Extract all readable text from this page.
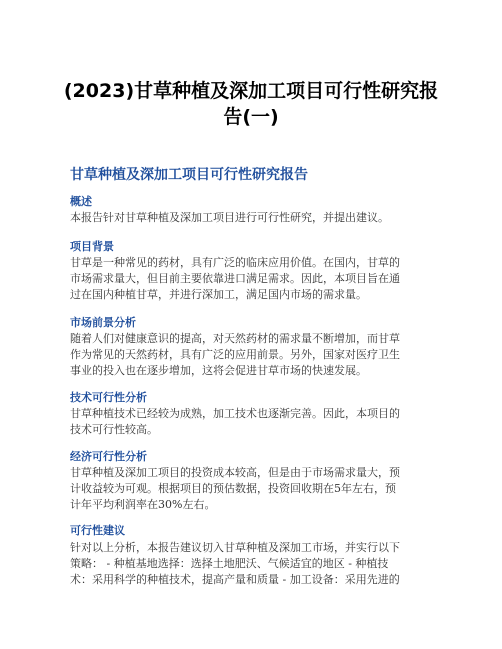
(2023)甘草种植及深加工项目可行性研究报
告(一)
甘草种植及深加工项目可行性研究报告
概述
本报告针对甘草种植及深加工项目进行可行性研究，并提出建议。
项目背景
甘草是一种常见的药材，具有广泛的临床应用价值。在国内，甘草的
市场需求量大，但目前主要依靠进口满足需求。因此，本项目旨在通
过在国内种植甘草，并进行深加工，满足国内市场的需求量。
市场前景分析
随着人们对健康意识的提高，对天然药材的需求量不断增加，而甘草
作为常见的天然药材，具有广泛的应用前景。另外，国家对医疗卫生
事业的投入也在逐步增加，这将会促进甘草市场的快速发展。
技术可行性分析
甘草种植技术已经较为成熟，加工技术也逐渐完善。因此，本项目的
技术可行性较高。
经济可行性分析
甘草种植及深加工项目的投资成本较高，但是由于市场需求量大，预
计收益较为可观。根据项目的预估数据，投资回收期在5年左右，预
计年平均利润率在30%左右。
可行性建议
针对以上分析，本报告建议切入甘草种植及深加工市场，并实行以下
策略： - 种植基地选择：选择土地肥沃、气候适宜的地区 - 种植技
术：采用科学的种植技术，提高产量和质量 - 加工设备：采用先进的
